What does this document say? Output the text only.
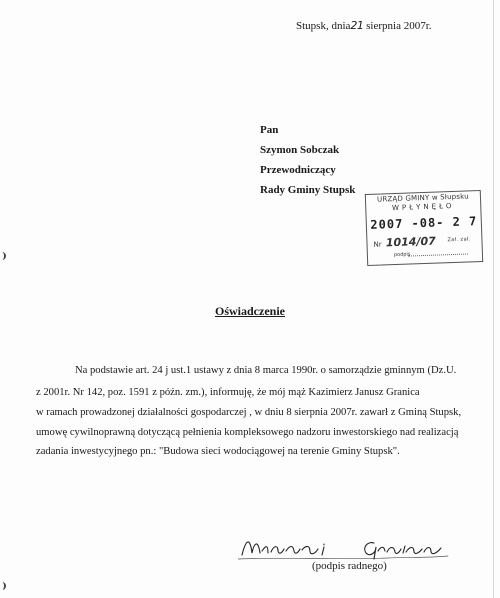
Stupsk, dnia21 sierpnia 2007r.
Pan
Szymon Sobczak
Przewodniczący
Rady Gminy Stupsk
URZĄD GMINY w Słupsku
WPŁYNĘŁO
2007 -08- 2 7
Nr 1014/07 Zał. zał.
podpis
Oświadczenie
Na podstawie art. 24 j ust.1 ustawy z dnia 8 marca 1990r. o samorządzie gminnym (Dz.U.
z 2001r. Nr 142, poz. 1591 z późn. zm.), informuję, że mój mąż Kazimierz Janusz Granica
w ramach prowadzonej działalności gospodarczej , w dniu 8 sierpnia 2007r. zawarł z Gminą Stupsk,
umowę cywilnoprawną dotyczącą pełnienia kompleksowego nadzoru inwestorskiego nad realizacją
zadania inwestycyjnego pn.: "Budowa sieci wodociągowej na terenie Gminy Stupsk".
(podpis radnego)
